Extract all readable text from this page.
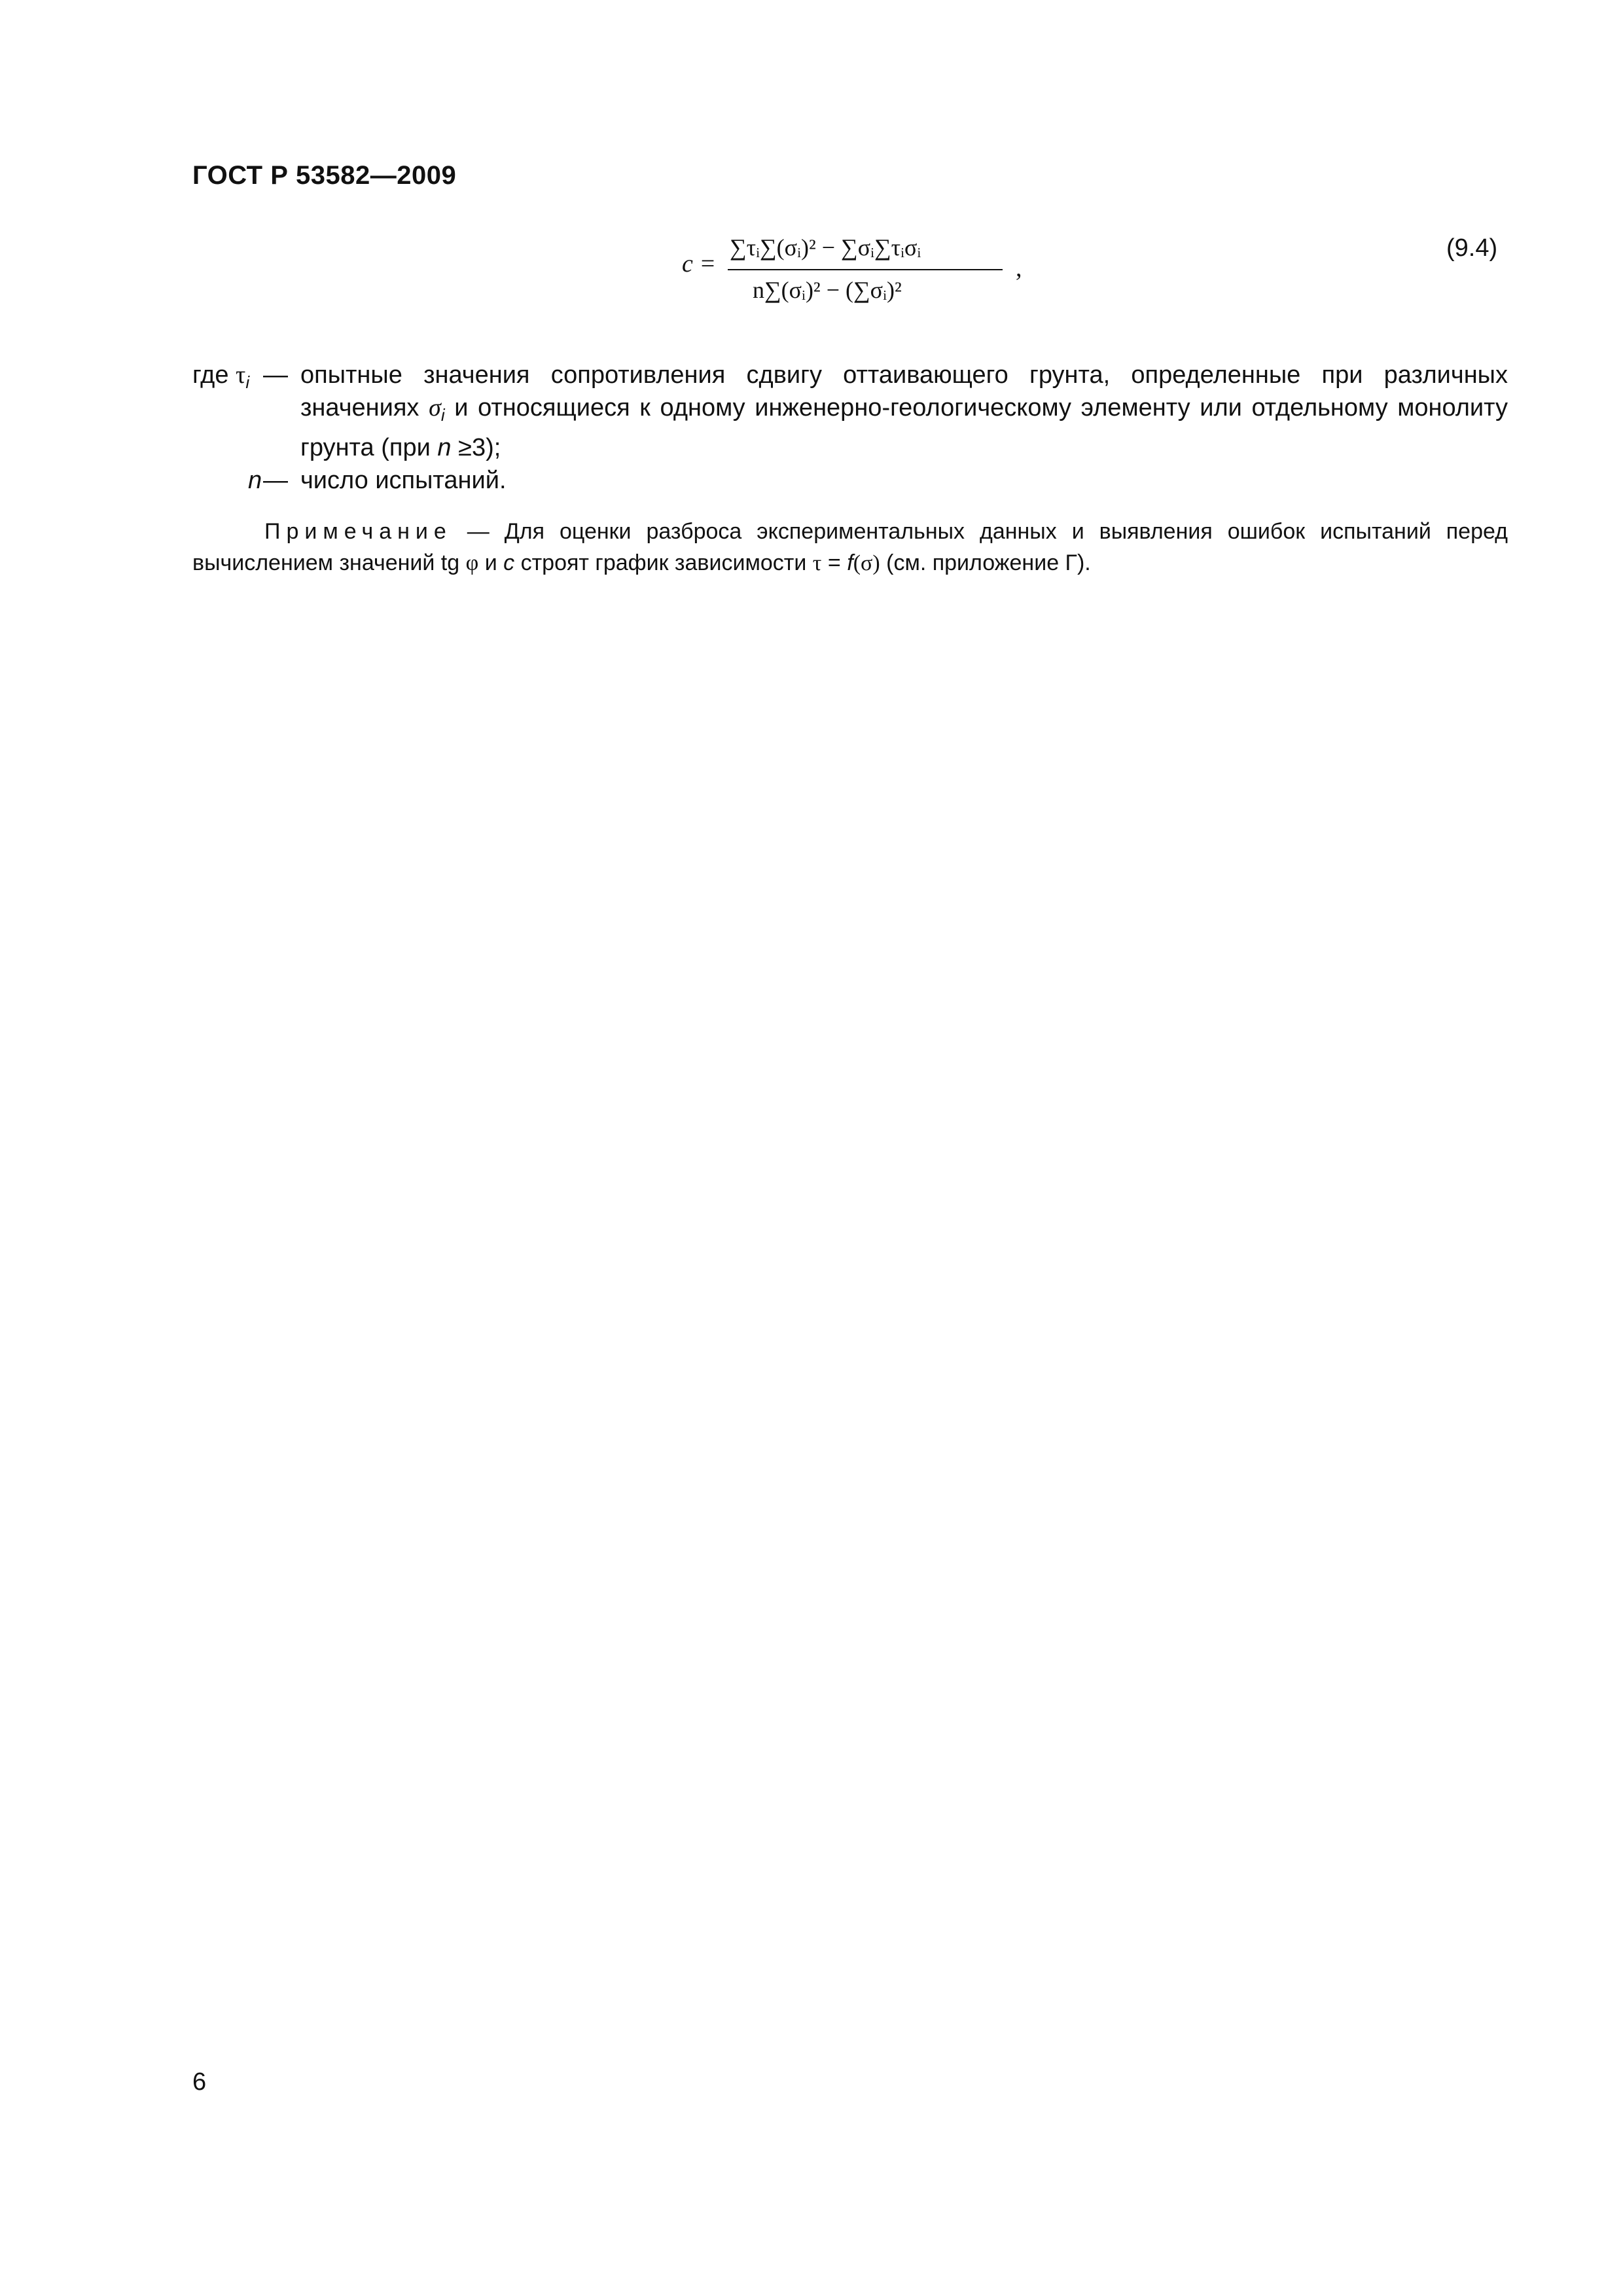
ГОСТ Р 53582—2009
c =
∑τᵢ∑(σᵢ)² − ∑σᵢ∑τᵢσᵢ
n∑(σᵢ)² − (∑σᵢ)²
,
(9.4)
где $\tau_i$ — опытные значения сопротивления сдвигу оттаивающего грунта, определенные при различных значениях $\sigma_i$ и относящиеся к одному инженерно-геологическому элементу или отдельному монолиту грунта (при n ≥3);
n — число испытаний.
Примечание — Для оценки разброса экспериментальных данных и выявления ошибок испытаний перед вычислением значений tg φ и c строят график зависимости τ = f(σ) (см. приложение Г).
6
